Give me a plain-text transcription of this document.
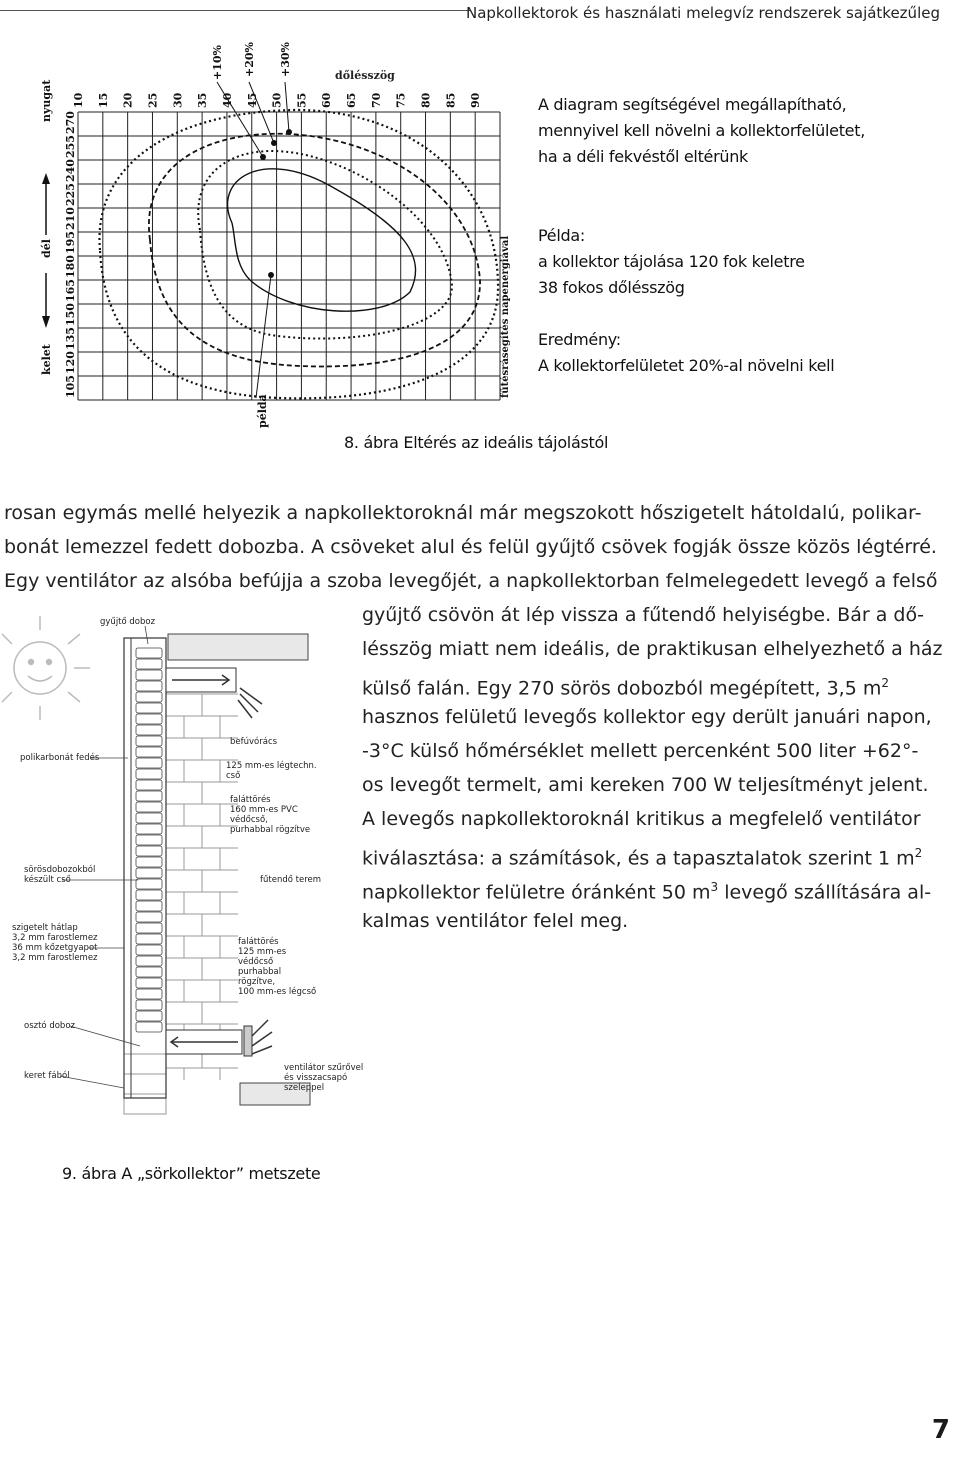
Napkollektorok és használati melegvíz rendszerek sajátkezűleg
10 15 20 25 30 35 40 45 50 55 60 65 70 75 80 85 90
105
120
135
150
165
180
195
210
225
240
255
270
nyugat
dél
kelet
+10% +20% +30%	dőlésszög
példa
fűtésrásegítés napenergiával
A diagram segítségével megállapítható,
mennyivel kell növelni a kollektorfelületet,
ha a déli fekvéstől eltérünk
Példa:
a kollektor tájolása 120 fok keletre
38 fokos dőlésszög
Eredmény:
A kollektorfelületet 20%-al növelni kell
8. ábra Eltérés az ideális tájolástól
rosan egymás mellé helyezik a napkollektoroknál már megszokott hőszigetelt hátoldalú, polikar-
bonát lemezzel fedett dobozba. A csöveket alul és felül gyűjtő csövek fogják össze közös légtérré.
Egy ventilátor az alsóba befújja a szoba levegőjét, a napkollektorban felmelegedett levegő a felső
gyűjtő csövön át lép vissza a fűtendő helyiségbe. Bár a dő-
lésszög miatt nem ideális, de praktikusan elhelyezhető a ház
külső falán. Egy 270 sörös dobozból megépített, 3,5 $m^2$
hasznos felületű levegős kollektor egy derült januári napon,
-3°C külső hőmérséklet mellett percenként 500 liter +62°-
os levegőt termelt, ami kereken 700 W teljesítményt jelent.
A levegős napkollektoroknál kritikus a megfelelő ventilátor
kiválasztása: a számítások, és a tapasztalatok szerint 1 $m^2$
napkollektor felületre óránként 50 $m^3$ levegő szállítására al-
kalmas ventilátor felel meg.
gyűjtő doboz
polikarbonát fedés
befúvórács
125 mm-es légtechn.
cső
faláttörés
160 mm-es PVC
védőcső,
purhabbal rögzítve
sörösdobozokból
készült cső	fűtendő terem
szigetelt hátlap
3,2 mm farostlemez
36 mm kőzetgyapot
3,2 mm farostlemez
faláttörés
125 mm-es
védőcső
purhabbal
rögzítve,
100 mm-es légcső
osztó doboz
ventilátor szűrővel
és visszacsapó
szeleppel
keret fából
9. ábra A „sörkollektor” metszete
7
